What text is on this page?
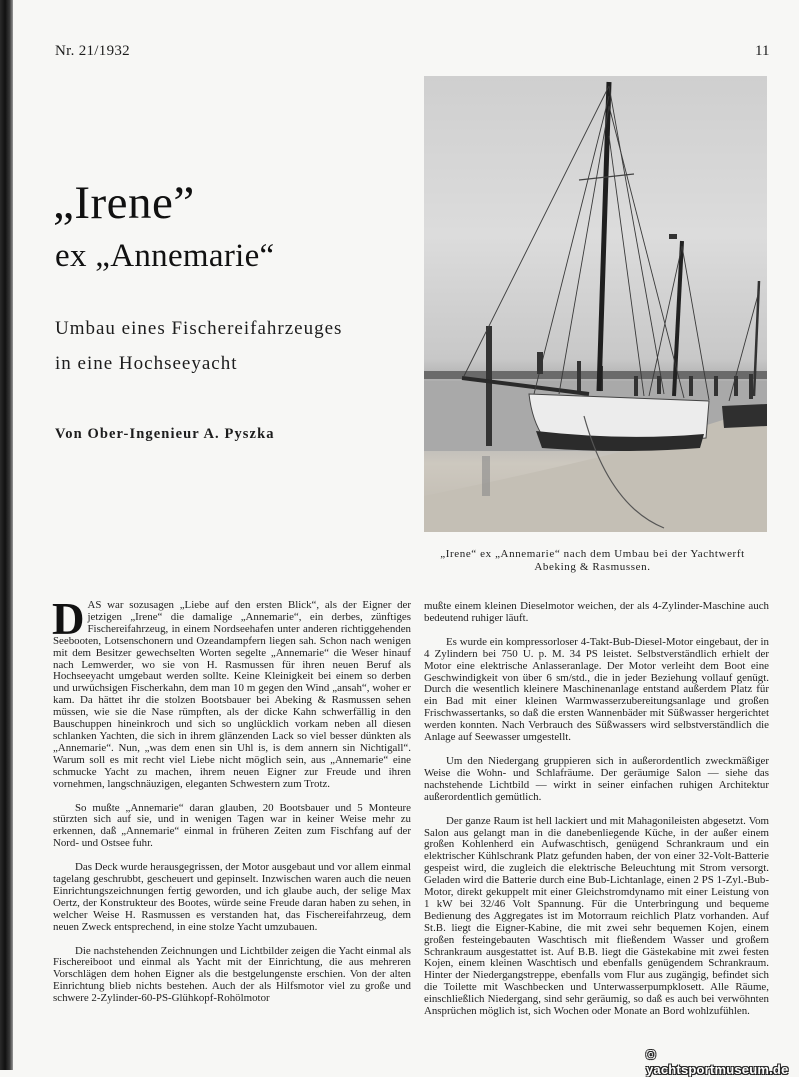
Nr. 21/1932	11
„Irene”
ex „Annemarie“
Umbau eines Fischereifahrzeuges
in eine Hochseeyacht
Von Ober-Ingenieur A. Pyszka
„Irene“ ex „Annemarie“ nach dem Umbau bei der Yachtwerft
Abeking & Rasmussen.

DAS war sozusagen „Liebe auf den ersten Blick“, als der Eigner der jetzigen „Irene“ die damalige „Annemarie“, ein derbes, zünftiges Fischereifahrzeug, in einem Nordseehafen unter anderen richtiggehenden Seebooten, Lotsenschonern und Ozeandampfern liegen sah. Schon nach wenigen mit dem Besitzer gewechselten Worten segelte „Annemarie“ die Weser hinauf nach Lemwerder, wo sie von H. Rasmussen für ihren neuen Beruf als Hochseeyacht umgebaut werden sollte. Keine Kleinigkeit bei einem so derben und urwüchsigen Fischerkahn, dem man 10 m gegen den Wind „ansah“, woher er kam. Da hättet ihr die stolzen Bootsbauer bei Abeking & Rasmussen sehen müssen, wie sie die Nase rümpften, als der dicke Kahn schwerfällig in den Bauschuppen hineinkroch und sich so unglücklich vorkam neben all diesen schlanken Yachten, die sich in ihrem glänzenden Lack so viel besser dünkten als „Annemarie“. Nun, „was dem enen sin Uhl is, is dem annern sin Nichtigall“. Warum soll es mit recht viel Liebe nicht möglich sein, aus „Annemarie“ eine schmucke Yacht zu machen, ihrem neuen Eigner zur Freude und ihren vornehmen, langschnäuzigen, eleganten Schwestern zum Trotz.

So mußte „Annemarie“ daran glauben, 20 Bootsbauer und 5 Monteure stürzten sich auf sie, und in wenigen Tagen war in keiner Weise mehr zu erkennen, daß „Annemarie“ einmal in früheren Zeiten zum Fischfang auf der Nord- und Ostsee fuhr.

Das Deck wurde herausgegrissen, der Motor ausgebaut und vor allem einmal tagelang geschrubbt, gescheuert und gepinselt. Inzwischen waren auch die neuen Einrichtungszeichnungen fertig geworden, und ich glaube auch, der selige Max Oertz, der Konstrukteur des Bootes, würde seine Freude daran haben zu sehen, in welcher Weise H. Rasmussen es verstanden hat, das Fischereifahrzeug, dem neuen Zweck entsprechend, in eine stolze Yacht umzubauen.

Die nachstehenden Zeichnungen und Lichtbilder zeigen die Yacht einmal als Fischereiboot und einmal als Yacht mit der Einrichtung, die aus mehreren Vorschlägen dem hohen Eigner als die bestgelungenste erschien. Von der alten Einrichtung blieb nichts bestehen. Auch der als Hilfsmotor viel zu große und schwere 2-Zylinder-60-PS-Glühkopf-Rohölmotor

mußte einem kleinen Dieselmotor weichen, der als 4-Zylinder-Maschine auch bedeutend ruhiger läuft.

Es wurde ein kompressorloser 4-Takt-Bub-Diesel-Motor eingebaut, der in 4 Zylindern bei 750 U. p. M. 34 PS leistet. Selbstverständlich erhielt der Motor eine elektrische Anlasseranlage. Der Motor verleiht dem Boot eine Geschwindigkeit von über 6 sm/std., die in jeder Beziehung vollauf genügt. Durch die wesentlich kleinere Maschinenanlage entstand außerdem Platz für ein Bad mit einer kleinen Warmwasserzubereitungsanlage und großen Frischwassertanks, so daß die ersten Wannenbäder mit Süßwasser hergerichtet werden konnten. Nach Verbrauch des Süßwassers wird selbstverständlich die Anlage auf Seewasser umgestellt.

Um den Niedergang gruppieren sich in außerordentlich zweckmäßiger Weise die Wohn- und Schlafräume. Der geräumige Salon — siehe das nachstehende Lichtbild — wirkt in seiner einfachen ruhigen Architektur außerordentlich gemütlich.

Der ganze Raum ist hell lackiert und mit Mahagonileisten abgesetzt. Vom Salon aus gelangt man in die danebenliegende Küche, in der außer einem großen Kohlenherd ein Aufwaschtisch, genügend Schrankraum und ein elektrischer Kühlschrank Platz gefunden haben, der von einer 32-Volt-Batterie gespeist wird, die zugleich die elektrische Beleuchtung mit Strom versorgt. Geladen wird die Batterie durch eine Bub-Lichtanlage, einen 2 PS 1-Zyl.-Bub-Motor, direkt gekuppelt mit einer Gleichstromdynamo mit einer Leistung von 1 kW bei 32/46 Volt Spannung. Für die Unterbringung und bequeme Bedienung des Aggregates ist im Motorraum reichlich Platz vorhanden. Auf St.B. liegt die Eigner-Kabine, die mit zwei sehr bequemen Kojen, einem großen festeingebauten Waschtisch mit fließendem Wasser und großem Schrankraum ausgestattet ist. Auf B.B. liegt die Gästekabine mit zwei festen Kojen, einem kleinen Waschtisch und ebenfalls genügendem Schrankraum. Hinter der Niedergangstreppe, ebenfalls vom Flur aus zugängig, befindet sich die Toilette mit Waschbecken und Unterwasserpumpklosett. Alle Räume, einschließlich Niedergang, sind sehr geräumig, so daß es auch bei verwöhnten Ansprüchen möglich ist, sich Wochen oder Monate an Bord wohlzufühlen.

© yachtsportmuseum.de
